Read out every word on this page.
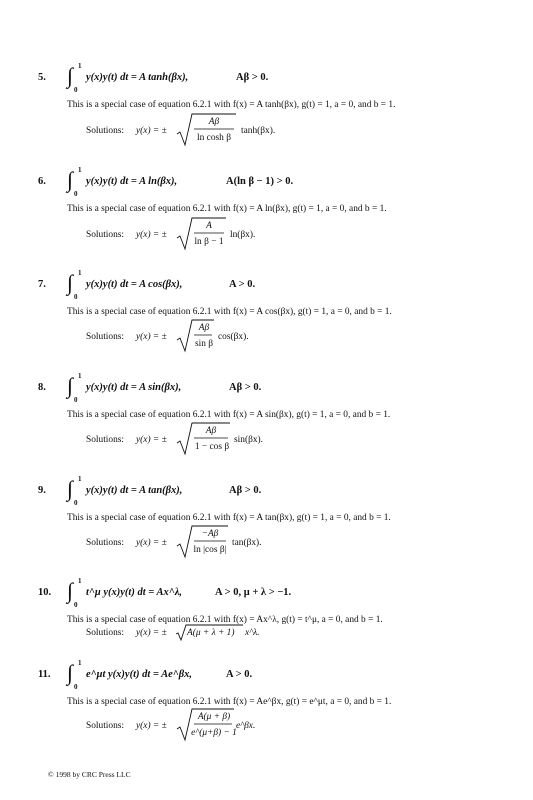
5. ∫ 1
0
y(x)y(t) dt = A tanh(βx),	Aβ > 0.
This is a special case of equation 6.2.1 with f(x) = A tanh(βx), g(t) = 1, a = 0, and b = 1.
Solutions: y(x) = ±
Aβ
ln cosh β
tanh(βx).
6. ∫ 1
0
y(x)y(t) dt = A ln(βx),	A(ln β − 1) > 0.
This is a special case of equation 6.2.1 with f(x) = A ln(βx), g(t) = 1, a = 0, and b = 1.
Solutions: y(x) = ±
A
ln β − 1
ln(βx).
7. ∫ 1
0
y(x)y(t) dt = A cos(βx),	A > 0.
This is a special case of equation 6.2.1 with f(x) = A cos(βx), g(t) = 1, a = 0, and b = 1.
Solutions: y(x) = ±
Aβ
sin β
cos(βx).
8. ∫ 1
0
y(x)y(t) dt = A sin(βx),	Aβ > 0.
This is a special case of equation 6.2.1 with f(x) = A sin(βx), g(t) = 1, a = 0, and b = 1.
Solutions: y(x) = ±
Aβ
1 − cos β
sin(βx).
9. ∫ 1
0
y(x)y(t) dt = A tan(βx),	Aβ > 0.
This is a special case of equation 6.2.1 with f(x) = A tan(βx), g(t) = 1, a = 0, and b = 1.
Solutions: y(x) = ±
−Aβ
ln |cos β|
tan(βx).
10. ∫ 1
0
t^μ y(x)y(t) dt = Ax^λ,	A > 0, μ + λ > −1.
This is a special case of equation 6.2.1 with f(x) = Ax^λ, g(t) = t^μ, a = 0, and b = 1.
Solutions: y(x) = ± A(μ + λ + 1) x^λ.
11. ∫ 1
0
e^μt y(x)y(t) dt = Ae^βx,	A > 0.
This is a special case of equation 6.2.1 with f(x) = Ae^βx, g(t) = e^μt, a = 0, and b = 1.
Solutions: y(x) = ±
A(μ + β)
e^(μ+β) − 1
e^βx.
© 1998 by CRC Press LLC
